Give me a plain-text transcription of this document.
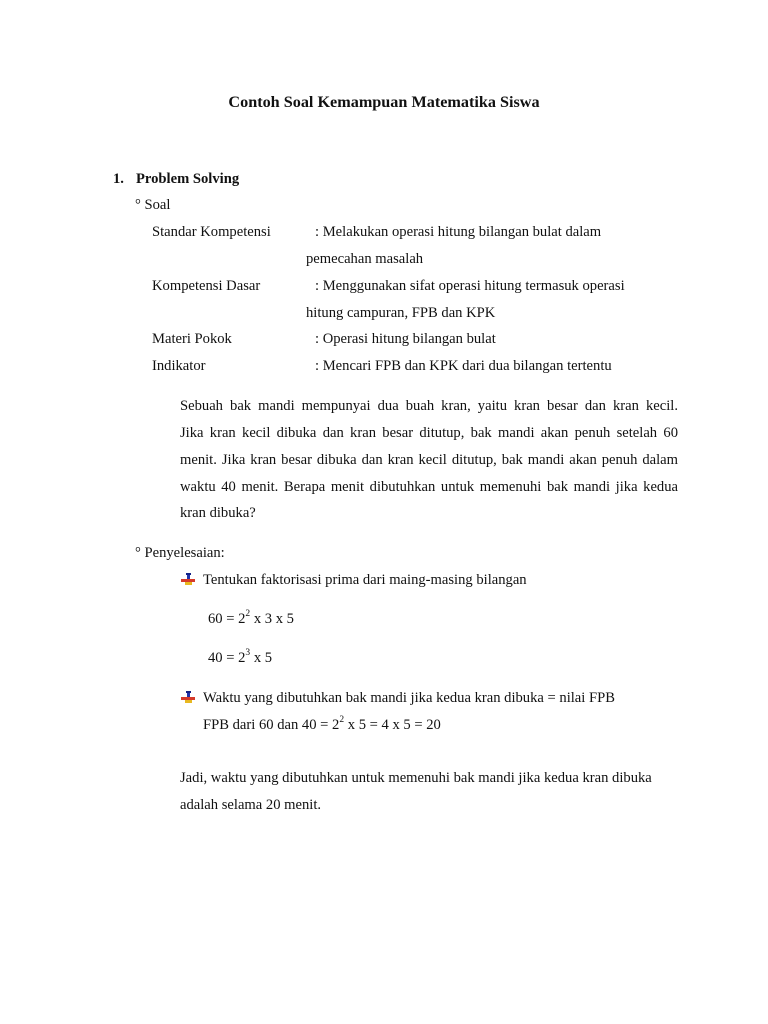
Contoh Soal Kemampuan Matematika Siswa
1. Problem Solving
° Soal
Standar Kompetensi	: Melakukan operasi hitung bilangan bulat dalam
pemecahan masalah
Kompetensi Dasar	: Menggunakan sifat operasi hitung termasuk operasi
hitung campuran, FPB dan KPK
Materi Pokok	: Operasi hitung bilangan bulat
Indikator	: Mencari FPB dan KPK dari dua bilangan tertentu
Sebuah bak mandi mempunyai dua buah kran, yaitu kran besar dan kran kecil.
Jika kran kecil dibuka dan kran besar ditutup, bak mandi akan penuh setelah 60
menit. Jika kran besar dibuka dan kran kecil ditutup, bak mandi akan penuh dalam
waktu 40 menit. Berapa menit dibutuhkan untuk memenuhi bak mandi jika kedua
kran dibuka?
° Penyelesaian:
Tentukan faktorisasi prima dari maing-masing bilangan
$60 = 2^2$ x 3 x 5
$40 = 2^3$ x 5
Waktu yang dibutuhkan bak mandi jika kedua kran dibuka = nilai FPB
FPB dari 60 dan $40 = 2^2$ x 5 = 4 x 5 = 20
Jadi, waktu yang dibutuhkan untuk memenuhi bak mandi jika kedua kran dibuka
adalah selama 20 menit.
